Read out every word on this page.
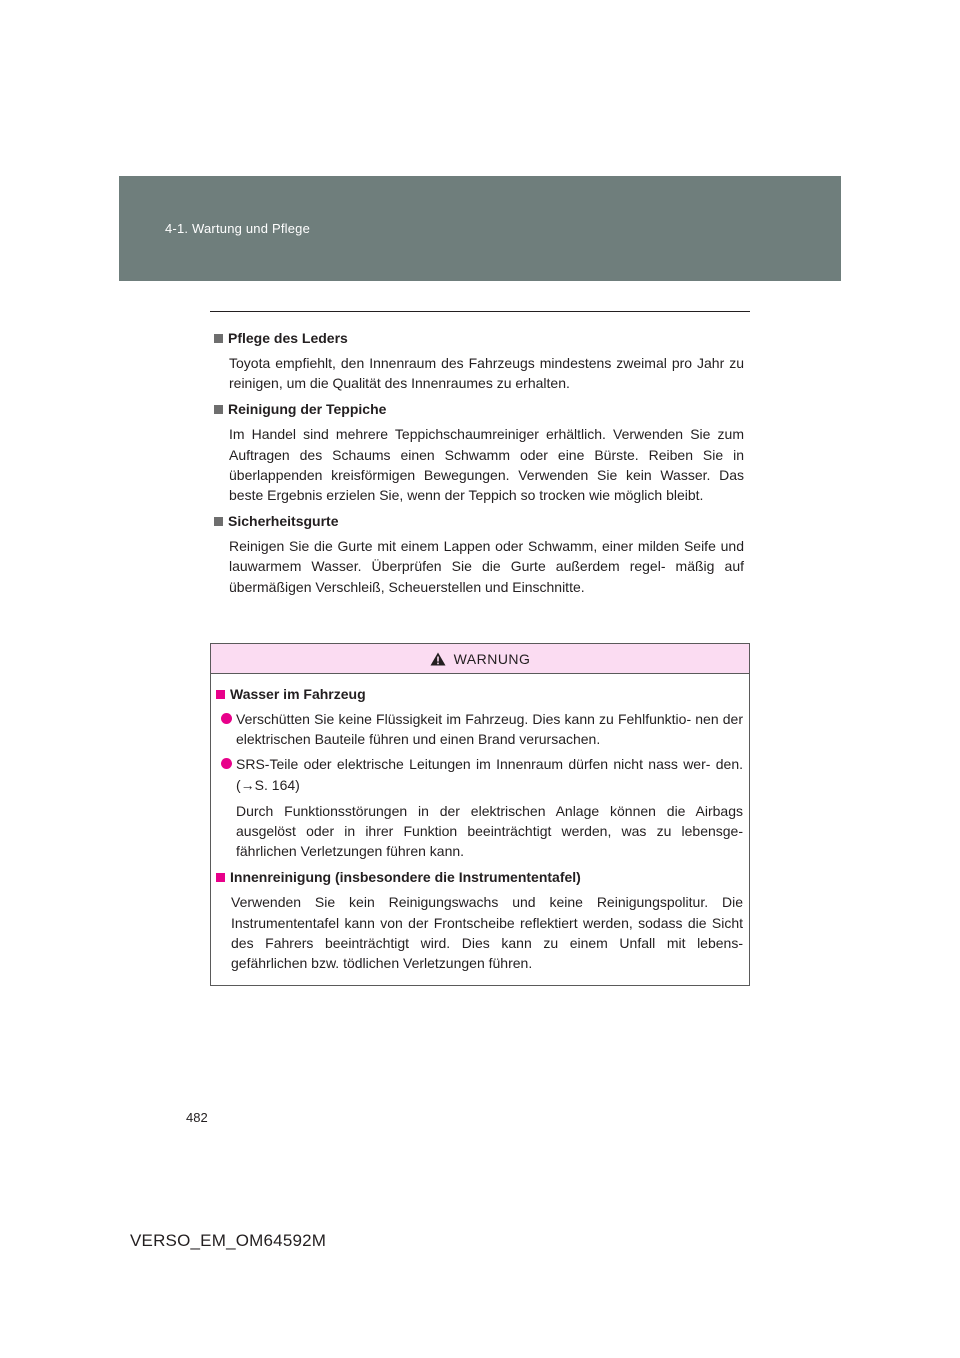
4-1. Wartung und Pflege
Pflege des Leders
Toyota empfiehlt, den Innenraum des Fahrzeugs mindestens zweimal pro Jahr zu reinigen, um die Qualität des Innenraumes zu erhalten.
Reinigung der Teppiche
Im Handel sind mehrere Teppichschaumreiniger erhältlich. Verwenden Sie zum Auftragen des Schaums einen Schwamm oder eine Bürste. Reiben Sie in überlappenden kreisförmigen Bewegungen. Verwenden Sie kein Wasser. Das beste Ergebnis erzielen Sie, wenn der Teppich so trocken wie möglich bleibt.
Sicherheitsgurte
Reinigen Sie die Gurte mit einem Lappen oder Schwamm, einer milden Seife und lauwarmem Wasser. Überprüfen Sie die Gurte außerdem regel- mäßig auf übermäßigen Verschleiß, Scheuerstellen und Einschnitte.
WARNUNG
Wasser im Fahrzeug
Verschütten Sie keine Flüssigkeit im Fahrzeug. Dies kann zu Fehlfunktio- nen der elektrischen Bauteile führen und einen Brand verursachen.
SRS-Teile oder elektrische Leitungen im Innenraum dürfen nicht nass wer- den. (→S. 164)
Durch Funktionsstörungen in der elektrischen Anlage können die Airbags ausgelöst oder in ihrer Funktion beeinträchtigt werden, was zu lebensge- fährlichen Verletzungen führen kann.
Innenreinigung (insbesondere die Instrumententafel)
Verwenden Sie kein Reinigungswachs und keine Reinigungspolitur. Die Instrumententafel kann von der Frontscheibe reflektiert werden, sodass die Sicht des Fahrers beeinträchtigt wird. Dies kann zu einem Unfall mit lebens- gefährlichen bzw. tödlichen Verletzungen führen.
482
VERSO_EM_OM64592M
